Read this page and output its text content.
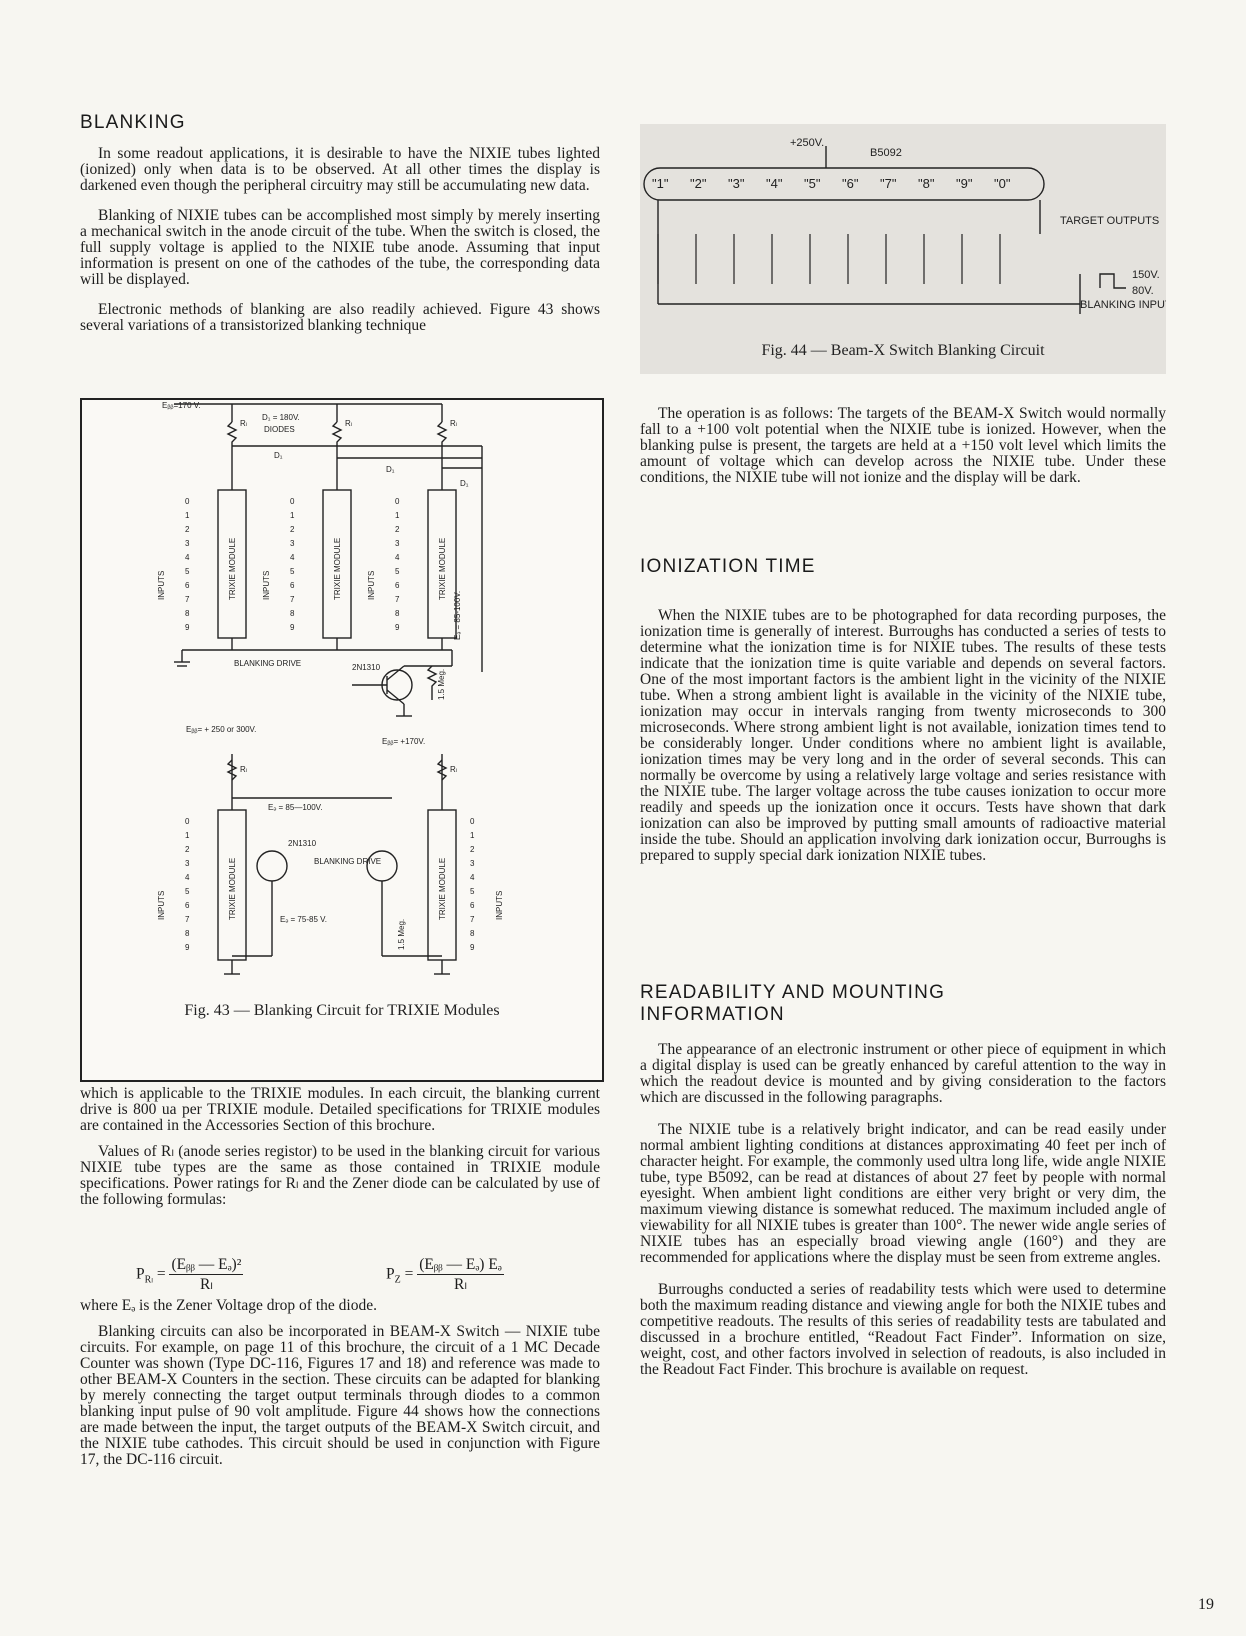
BLANKING

In some readout applications, it is desirable to have the NIXIE tubes lighted (ionized) only when data is to be observed. At all other times the display is darkened even though the peripheral circuitry may still be accumulating new data.

Blanking of NIXIE tubes can be accomplished most simply by merely inserting a mechanical switch in the anode circuit of the tube. When the switch is closed, the full supply voltage is applied to the NIXIE tube anode. Assuming that input information is present on one of the cathodes of the tube, the corresponding data will be displayed.

Electronic methods of blanking are also readily achieved. Figure 43 shows several variations of a transistorized blanking technique

0
1
2
3
4
5
6
7
8
9
0
1
2
3
4
5
6
7
8
9
0
1
2
3
4
5
6
7
8
9
0
1
2
3
4
5
6
7
8
9
0
1
2
3
4
5
6
7
8
9
Eᵦᵦ=170 V.
D₁ = 180V.
DIODES
Rₗ	Rₗ	Rₗ
D₁
D₁
D₁
BLANKING DRIVE	2N1310
Eₔ = 85-100V.
1.5 Meg.
Eᵦᵦ= + 250 or 300V.
Eᵦᵦ= +170V.
Rₗ	Rₗ
Eₔ = 85—100V.
2N1310
BLANKING DRIVE
Eₔ = 75-85 V.	1.5 Meg.
INPUTS	INPUTS	INPUTS
INPUTS	INPUTS
TRIXIE MODULE	TRIXIE MODULE	TRIXIE MODULE
TRIXIE MODULE	TRIXIE MODULE
Fig. 43 — Blanking Circuit for TRIXIE Modules

which is applicable to the TRIXIE modules. In each circuit, the blanking current drive is 800 ua per TRIXIE module. Detailed specifications for TRIXIE modules are contained in the Accessories Section of this brochure.

Values of Rₗ (anode series registor) to be used in the blanking circuit for various NIXIE tube types are the same as those contained in TRIXIE module specifications. Power ratings for Rₗ and the Zener diode can be calculated by use of the following formulas:

$P_{R_l}$ =
(Eᵦᵦ — Eₔ)²
Rₗ
$P_Z$ =
(Eᵦᵦ — Eₔ) Eₔ
Rₗ

where Eₔ is the Zener Voltage drop of the diode.

Blanking circuits can also be incorporated in BEAM-X Switch — NIXIE tube circuits. For example, on page 11 of this brochure, the circuit of a 1 MC Decade Counter was shown (Type DC-116, Figures 17 and 18) and reference was made to other BEAM-X Counters in the section. These circuits can be adapted for blanking by merely connecting the target output terminals through diodes to a common blanking input pulse of 90 volt amplitude. Figure 44 shows how the connections are made between the input, the target outputs of the BEAM-X Switch circuit, and the NIXIE tube cathodes. This circuit should be used in conjunction with Figure 17, the DC-116 circuit.

+250V.
B5092
"1" "2" "3" "4" "5" "6" "7" "8" "9" "0"
TARGET OUTPUTS
150V.
80V.
BLANKING INPUT
Fig. 44 — Beam-X Switch Blanking Circuit

The operation is as follows: The targets of the BEAM-X Switch would normally fall to a +100 volt potential when the NIXIE tube is ionized. However, when the blanking pulse is present, the targets are held at a +150 volt level which limits the amount of voltage which can develop across the NIXIE tube. Under these conditions, the NIXIE tube will not ionize and the display will be dark.

IONIZATION TIME

When the NIXIE tubes are to be photographed for data recording purposes, the ionization time is generally of interest. Burroughs has conducted a series of tests to determine what the ionization time is for NIXIE tubes. The results of these tests indicate that the ionization time is quite variable and depends on several factors. One of the most important factors is the ambient light in the vicinity of the NIXIE tube. When a strong ambient light is available in the vicinity of the NIXIE tube, ionization may occur in intervals ranging from twenty microseconds to 300 microseconds. Where strong ambient light is not available, ionization times tend to be considerably longer. Under conditions where no ambient light is available, ionization times may be very long and in the order of several seconds. This can normally be overcome by using a relatively large voltage and series resistance with the NIXIE tube. The larger voltage across the tube causes ionization to occur more readily and speeds up the ionization once it occurs. Tests have shown that dark ionization can also be improved by putting small amounts of radioactive material inside the tube. Should an application involving dark ionization occur, Burroughs is prepared to supply special dark ionization NIXIE tubes.

READABILITY AND MOUNTING
INFORMATION

The appearance of an electronic instrument or other piece of equipment in which a digital display is used can be greatly enhanced by careful attention to the way in which the readout device is mounted and by giving consideration to the factors which are discussed in the following paragraphs.

The NIXIE tube is a relatively bright indicator, and can be read easily under normal ambient lighting conditions at distances approximating 40 feet per inch of character height. For example, the commonly used ultra long life, wide angle NIXIE tube, type B5092, can be read at distances of about 27 feet by people with normal eyesight. When ambient light conditions are either very bright or very dim, the maximum viewing distance is somewhat reduced. The maximum included angle of viewability for all NIXIE tubes is greater than 100°. The newer wide angle series of NIXIE tubes has an especially broad viewing angle (160°) and they are recommended for applications where the display must be seen from extreme angles.

Burroughs conducted a series of readability tests which were used to determine both the maximum reading distance and viewing angle for both the NIXIE tubes and competitive readouts. The results of this series of readability tests are tabulated and discussed in a brochure entitled, “Readout Fact Finder”. Information on size, weight, cost, and other factors involved in selection of readouts, is also included in the Readout Fact Finder. This brochure is available on request.

19
